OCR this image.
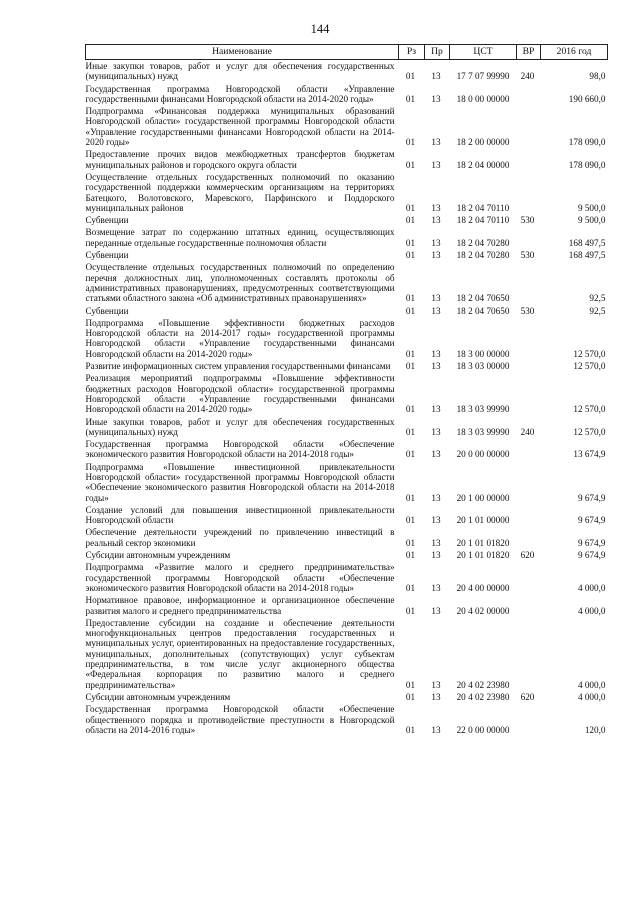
144
Наименование	Рз	Пр	ЦСТ	ВР	2016 год
Иные закупки товаров, работ и услуг для обеспечения государственных (муниципальных) нужд	01	13	17 7 07 99990	240	98,0
Государственная программа Новгородской области «Управление государственными финансами Новгородской области на 2014-2020 годы»	01	13	18 0 00 00000		190 660,0
Подпрограмма «Финансовая поддержка муниципальных образований Новгородской области» государственной программы Новгородской области «Управление государственными финансами Новгородской области на 2014-2020 годы»	01	13	18 2 00 00000		178 090,0
Предоставление прочих видов межбюджетных трансфертов бюджетам муниципальных районов и городского округа области	01	13	18 2 04 00000		178 090,0
Осуществление отдельных государственных полномочий по оказанию государственной поддержки коммерческим организациям на территориях Батецкого, Волотовского, Маревского, Парфинского и Поддорского муниципальных районов	01	13	18 2 04 70110		9 500,0
Субвенции	01	13	18 2 04 70110	530	9 500,0
Возмещение затрат по содержанию штатных единиц, осуществляющих переданные отдельные государственные полномочия области	01	13	18 2 04 70280		168 497,5
Субвенции	01	13	18 2 04 70280	530	168 497,5
Осуществление отдельных государственных полномочий по определению перечня должностных лиц, уполномоченных составлять протоколы об административных правонарушениях, предусмотренных соответствующими статьями областного закона «Об административных правонарушениях»	01	13	18 2 04 70650		92,5
Субвенции	01	13	18 2 04 70650	530	92,5
Подпрограмма «Повышение эффективности бюджетных расходов Новгородской области на 2014-2017 годы» государственной программы Новгородской области «Управление государственными финансами Новгородской области на 2014-2020 годы»	01	13	18 3 00 00000		12 570,0
Развитие информационных систем управления государственными финансами	01	13	18 3 03 00000		12 570,0
Реализация мероприятий подпрограммы «Повышение эффективности бюджетных расходов Новгородской области» государственной программы Новгородской области «Управление государственными финансами Новгородской области на 2014-2020 годы»	01	13	18 3 03 99990		12 570,0
Иные закупки товаров, работ и услуг для обеспечения государственных (муниципальных) нужд	01	13	18 3 03 99990	240	12 570,0
Государственная программа Новгородской области «Обеспечение экономического развития Новгородской области на 2014-2018 годы»	01	13	20 0 00 00000		13 674,9
Подпрограмма «Повышение инвестиционной привлекательности Новгородской области» государственной программы Новгородской области «Обеспечение экономического развития Новгородской области на 2014-2018 годы»	01	13	20 1 00 00000		9 674,9
Создание условий для повышения инвестиционной привлекательности Новгородской области	01	13	20 1 01 00000		9 674,9
Обеспечение деятельности учреждений по привлечению инвестиций в реальный сектор экономики	01	13	20 1 01 01820		9 674,9
Субсидии автономным учреждениям	01	13	20 1 01 01820	620	9 674,9
Подпрограмма «Развитие малого и среднего предпринимательства» государственной программы Новгородской области «Обеспечение экономического развития Новгородской области на 2014-2018 годы»	01	13	20 4 00 00000		4 000,0
Нормативное правовое, информационное и организационное обеспечение развития малого и среднего предпринимательства	01	13	20 4 02 00000		4 000,0
Предоставление субсидии на создание и обеспечение деятельности многофункциональных центров предоставления государственных и муниципальных услуг, ориентированных на предоставление государственных, муниципальных, дополнительных (сопутствующих) услуг субъектам предпринимательства, в том числе услуг акционерного общества «Федеральная корпорация по развитию малого и среднего предпринимательства»	01	13	20 4 02 23980		4 000,0
Субсидии автономным учреждениям	01	13	20 4 02 23980	620	4 000,0
Государственная программа Новгородской области «Обеспечение общественного порядка и противодействие преступности в Новгородской области на 2014-2016 годы»	01	13	22 0 00 00000		120,0
